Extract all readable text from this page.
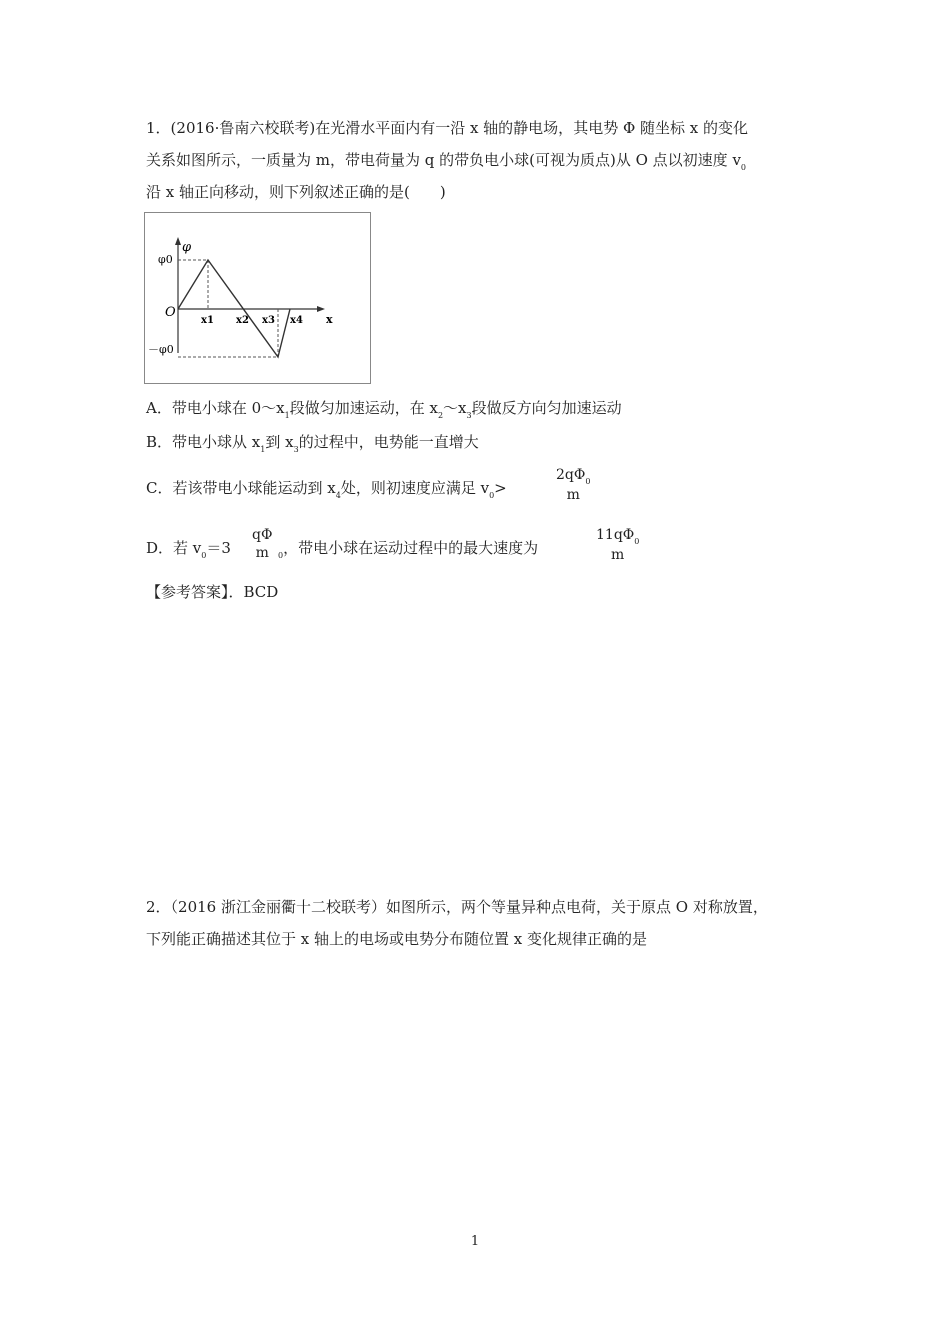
1．(2016·鲁南六校联考)在光滑水平面内有一沿 x 轴的静电场，其电势 Φ 随坐标 x 的变化
关系如图所示，一质量为 m，带电荷量为 q 的带负电小球(可视为质点)从 O 点以初速度 $v_0$
沿 x 轴正向移动，则下列叙述正确的是(　　)
φ
x
O
φ0
－φ0
x1 x2 x3 x4
A．带电小球在 $0\sim x_1$段做匀加速运动，在 $x_2\sim x_3$段做反方向匀加速运动
B．带电小球从 $x_1$到 $x_3$的过程中，电势能一直增大
C．若该带电小球能运动到 $x_4$处，则初速度应满足 $v_0>$
$2q\Phi_0$
m
D．若 $v_0=3$
qΦ
m	$_0$，带电小球在运动过程中的最大速度为
$11q\Phi_0$
m
【参考答案】．BCD
2．（2016 浙江金丽衢十二校联考）如图所示，两个等量异种点电荷，关于原点 O 对称放置，
下列能正确描述其位于 x 轴上的电场或电势分布随位置 x 变化规律正确的是
1
